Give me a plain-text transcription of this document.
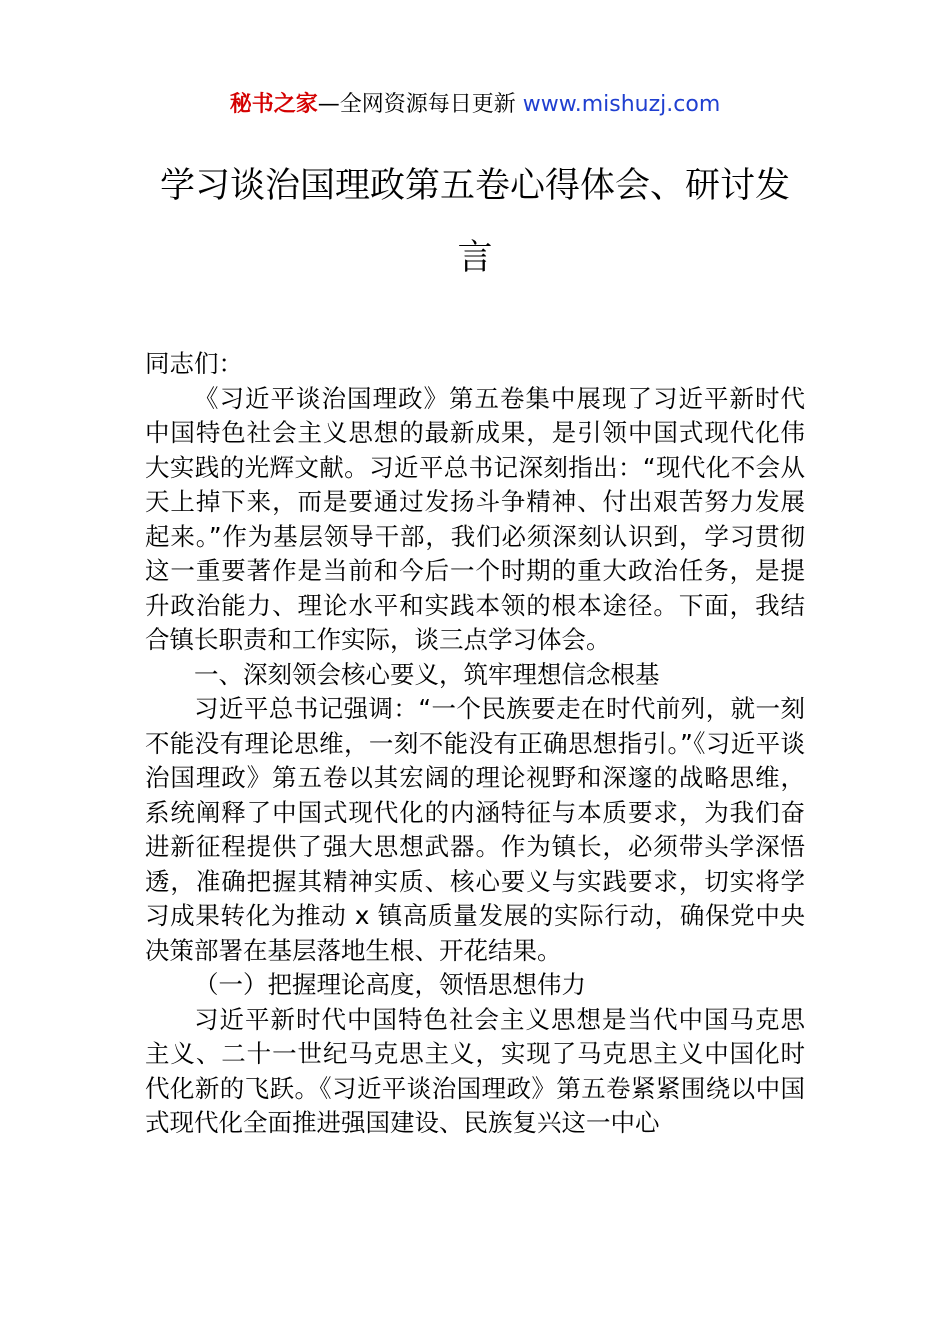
秘书之家—全网资源每日更新 www.mishuzj.com
学习谈治国理政第五卷心得体会、研讨发言

同志们：

《习近平谈治国理政》第五卷集中展现了习近平新时代中国特色社会主义思想的最新成果，是引领中国式现代化伟大实践的光辉文献。习近平总书记深刻指出：“现代化不会从天上掉下来，而是要通过发扬斗争精神、付出艰苦努力发展起来。”作为基层领导干部，我们必须深刻认识到，学习贯彻这一重要著作是当前和今后一个时期的重大政治任务，是提升政治能力、理论水平和实践本领的根本途径。下面，我结合镇长职责和工作实际，谈三点学习体会。

一、深刻领会核心要义，筑牢理想信念根基

习近平总书记强调：“一个民族要走在时代前列，就一刻不能没有理论思维，一刻不能没有正确思想指引。”《习近平谈治国理政》第五卷以其宏阔的理论视野和深邃的战略思维，系统阐释了中国式现代化的内涵特征与本质要求，为我们奋进新征程提供了强大思想武器。作为镇长，必须带头学深悟透，准确把握其精神实质、核心要义与实践要求，切实将学习成果转化为推动 x 镇高质量发展的实际行动，确保党中央决策部署在基层落地生根、开花结果。

（一）把握理论高度，领悟思想伟力

习近平新时代中国特色社会主义思想是当代中国马克思主义、二十一世纪马克思主义，实现了马克思主义中国化时代化新的飞跃。《习近平谈治国理政》第五卷紧紧围绕以中国式现代化全面推进强国建设、民族复兴这一中心
